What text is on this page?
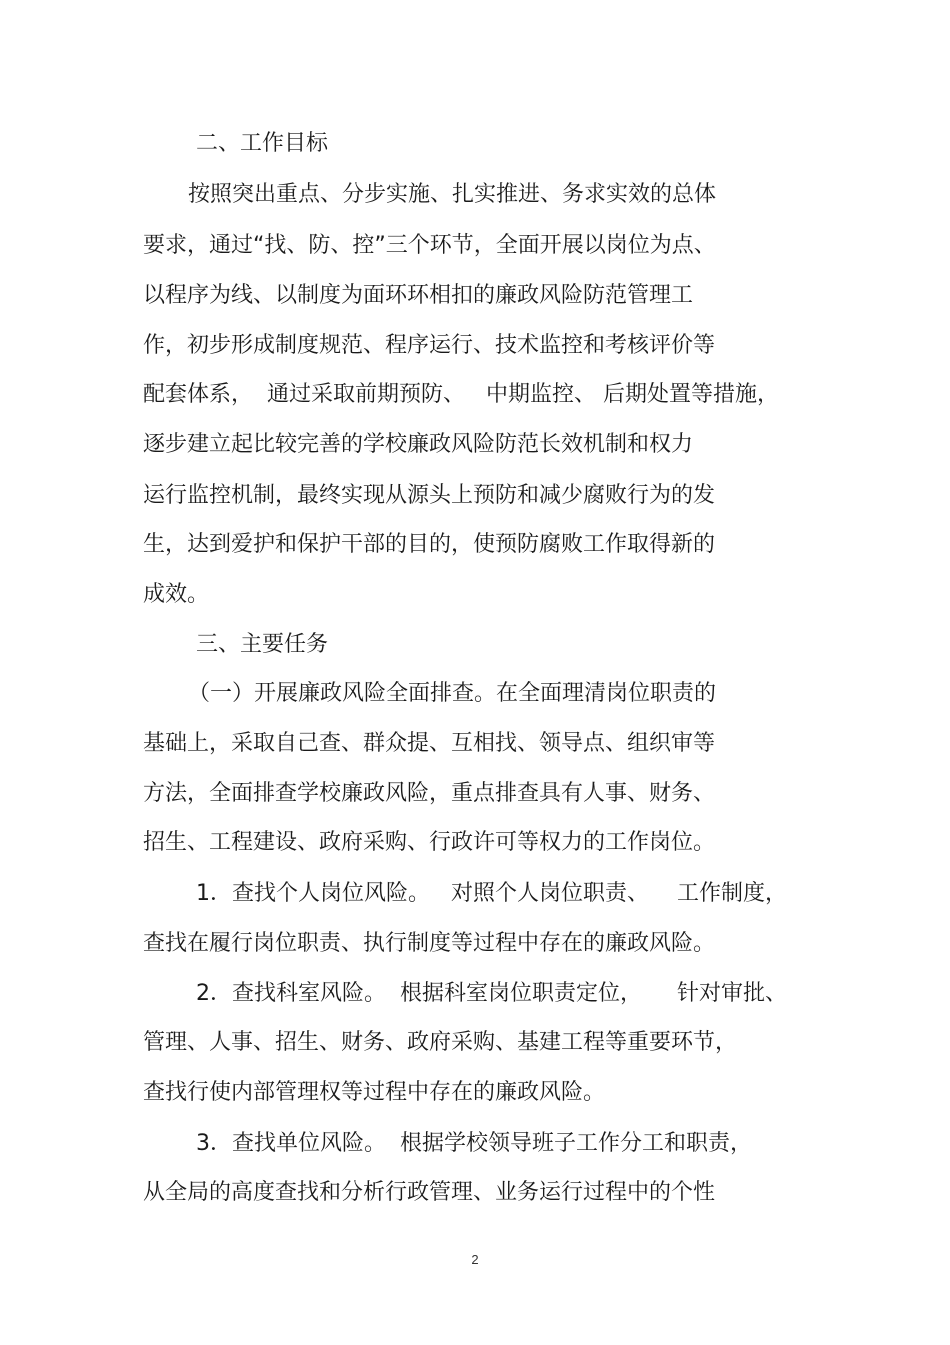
二、工作目标
按照突出重点、分步实施、扎实推进、务求实效的总体
要求，通过“找、防、控”三个环节，全面开展以岗位为点、
以程序为线、以制度为面环环相扣的廉政风险防范管理工
作，初步形成制度规范、程序运行、技术监控和考核评价等
配套体系，  通过采取前期预防、   中期监控、 后期处置等措施，
逐步建立起比较完善的学校廉政风险防范长效机制和权力
运行监控机制，最终实现从源头上预防和减少腐败行为的发
生，达到爱护和保护干部的目的，使预防腐败工作取得新的
成效。
三、主要任务
（一）开展廉政风险全面排查。在全面理清岗位职责的
基础上，采取自己查、群众提、互相找、领导点、组织审等
方法，全面排查学校廉政风险，重点排查具有人事、财务、
招生、工程建设、政府采购、行政许可等权力的工作岗位。
1．查找个人岗位风险。   对照个人岗位职责、    工作制度，
查找在履行岗位职责、执行制度等过程中存在的廉政风险。
2．查找科室风险。  根据科室岗位职责定位，     针对审批、
管理、人事、招生、财务、政府采购、基建工程等重要环节，
查找行使内部管理权等过程中存在的廉政风险。
3．查找单位风险。  根据学校领导班子工作分工和职责，
从全局的高度查找和分析行政管理、业务运行过程中的个性
2
